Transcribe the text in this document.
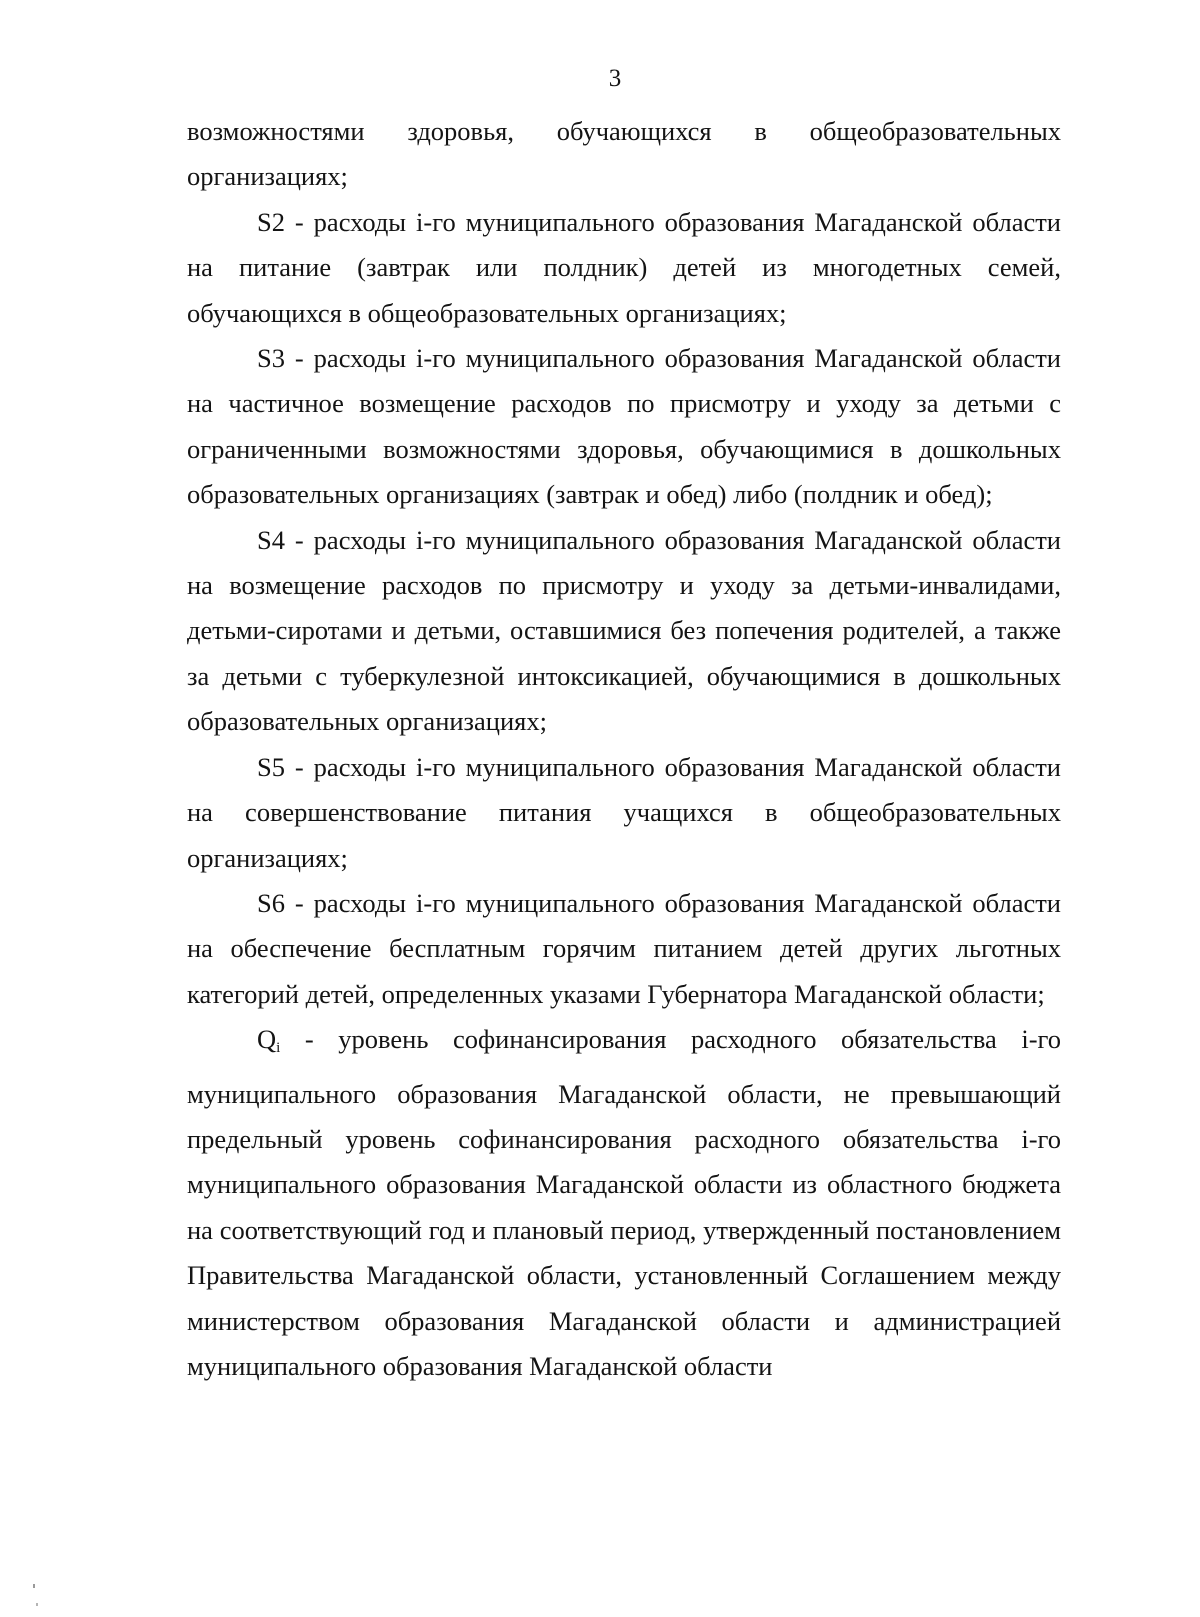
3

возможностями здоровья, обучающихся в общеобразовательных организациях;

S2 - расходы i-го муниципального образования Магаданской области на питание (завтрак или полдник) детей из многодетных семей, обучающихся в общеобразовательных организациях;

S3 - расходы i-го муниципального образования Магаданской области на частичное возмещение расходов по присмотру и уходу за детьми с ограниченными возможностями здоровья, обучающимися в дошкольных образовательных организациях (завтрак и обед) либо (полдник и обед);

S4 - расходы i-го муниципального образования Магаданской области на возмещение расходов по присмотру и уходу за детьми-инвалидами, детьми-сиротами и детьми, оставшимися без попечения родителей, а также за детьми с туберкулезной интоксикацией, обучающимися в дошкольных образовательных организациях;

S5 - расходы i-го муниципального образования Магаданской области на совершенствование питания учащихся в общеобразовательных организациях;

S6 - расходы i-го муниципального образования Магаданской области на обеспечение бесплатным горячим питанием детей других льготных категорий детей, определенных указами Губернатора Магаданской области;

Qi - уровень софинансирования расходного обязательства i-го муниципального образования Магаданской области, не превышающий предельный уровень софинансирования расходного обязательства i-го муниципального образования Магаданской области из областного бюджета на соответствующий год и плановый период, утвержденный постановлением Правительства Магаданской области, установленный Соглашением между министерством образования Магаданской области и администрацией муниципального образования Магаданской области
